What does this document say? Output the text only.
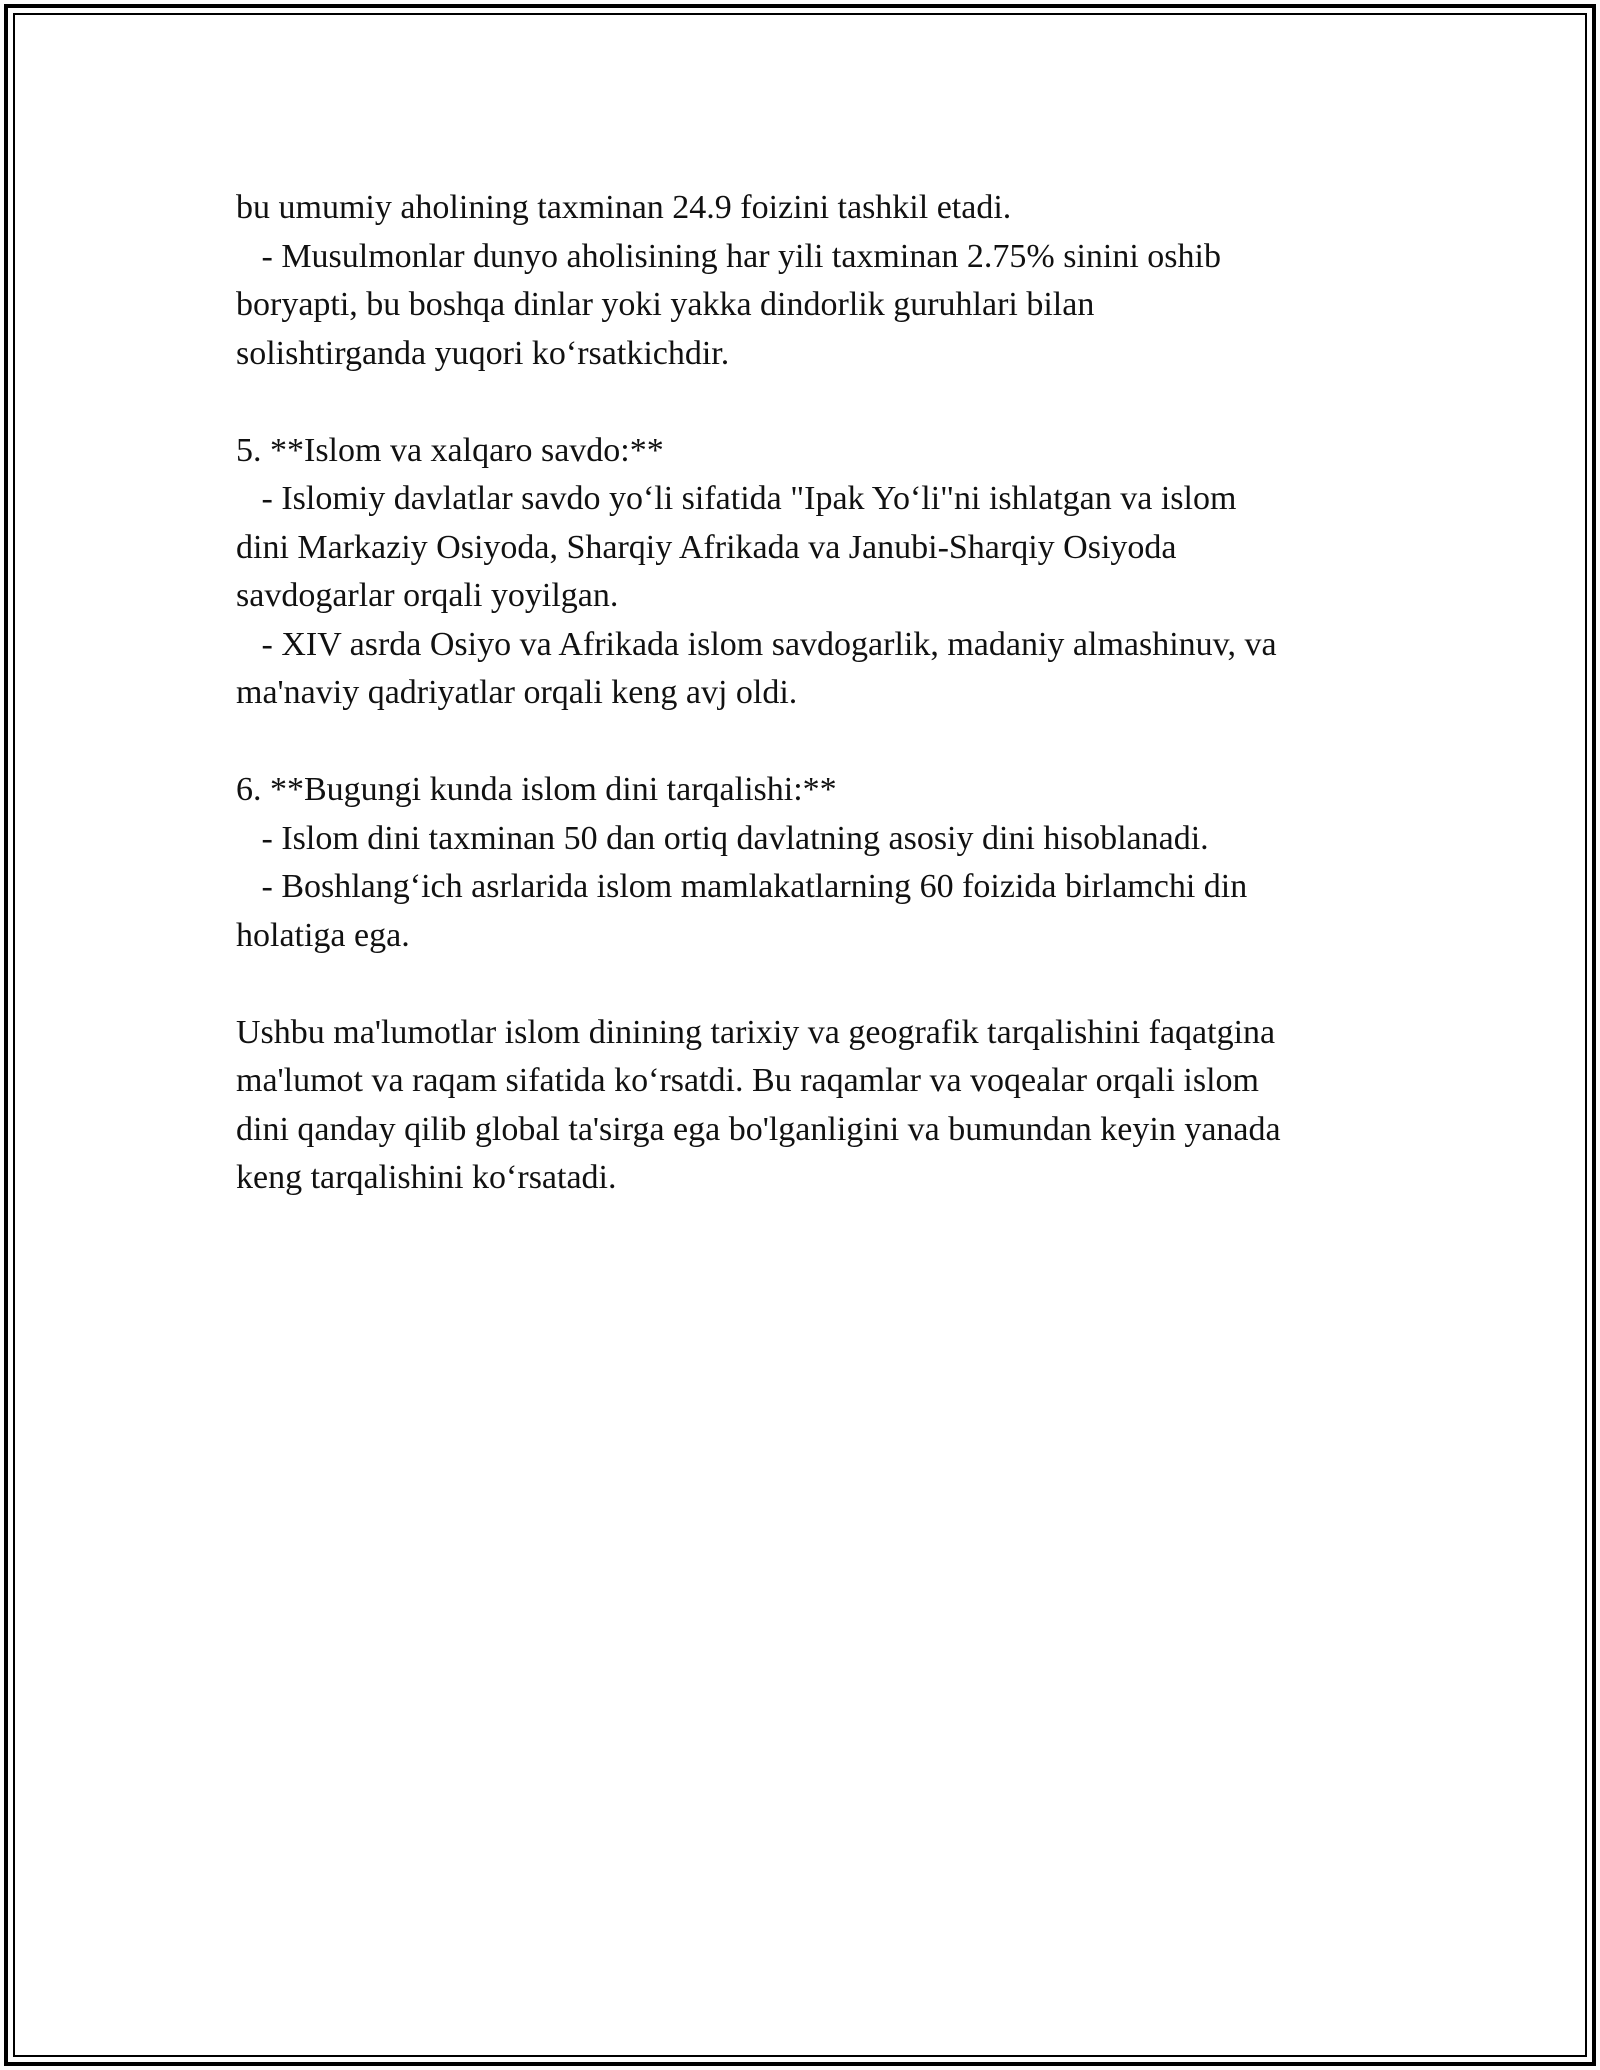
bu umumiy aholining taxminan 24.9 foizini tashkil etadi.
- Musulmonlar dunyo aholisining har yili taxminan 2.75% sinini oshib
boryapti, bu boshqa dinlar yoki yakka dindorlik guruhlari bilan
solishtirganda yuqori ko‘rsatkichdir.
5. **Islom va xalqaro savdo:**
- Islomiy davlatlar savdo yo‘li sifatida "Ipak Yo‘li"ni ishlatgan va islom
dini Markaziy Osiyoda, Sharqiy Afrikada va Janubi-Sharqiy Osiyoda
savdogarlar orqali yoyilgan.
- XIV asrda Osiyo va Afrikada islom savdogarlik, madaniy almashinuv, va
ma'naviy qadriyatlar orqali keng avj oldi.
6. **Bugungi kunda islom dini tarqalishi:**
- Islom dini taxminan 50 dan ortiq davlatning asosiy dini hisoblanadi.
- Boshlang‘ich asrlarida islom mamlakatlarning 60 foizida birlamchi din
holatiga ega.
Ushbu ma'lumotlar islom dinining tarixiy va geografik tarqalishini faqatgina
ma'lumot va raqam sifatida ko‘rsatdi. Bu raqamlar va voqealar orqali islom
dini qanday qilib global ta'sirga ega bo'lganligini va bumundan keyin yanada
keng tarqalishini ko‘rsatadi.
